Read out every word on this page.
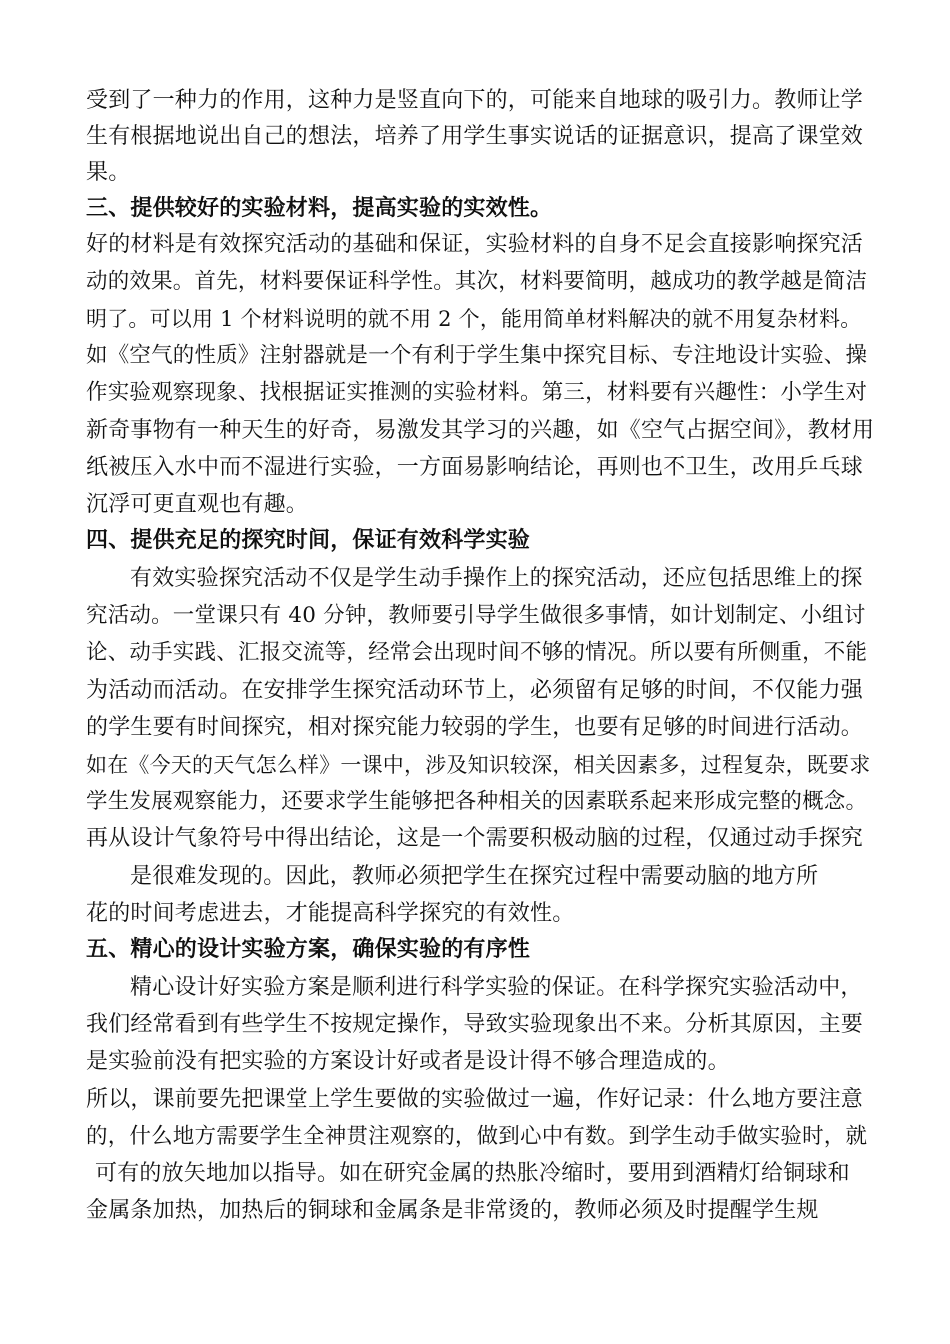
受到了一种力的作用，这种力是竖直向下的，可能来自地球的吸引力。教师让学
生有根据地说出自己的想法，培养了用学生事实说话的证据意识，提高了课堂效
果。
三、提供较好的实验材料，提高实验的实效性。
好的材料是有效探究活动的基础和保证，实验材料的自身不足会直接影响探究活
动的效果。首先，材料要保证科学性。其次，材料要简明，越成功的教学越是简洁
明了。可以用 1 个材料说明的就不用 2 个，能用简单材料解决的就不用复杂材料。
如《空气的性质》注射器就是一个有利于学生集中探究目标、专注地设计实验、操
作实验观察现象、找根据证实推测的实验材料。第三，材料要有兴趣性：小学生对
新奇事物有一种天生的好奇，易激发其学习的兴趣，如《空气占据空间》，教材用
纸被压入水中而不湿进行实验，一方面易影响结论，再则也不卫生，改用乒乓球
沉浮可更直观也有趣。
四、提供充足的探究时间，保证有效科学实验
有效实验探究活动不仅是学生动手操作上的探究活动，还应包括思维上的探
究活动。一堂课只有 40 分钟，教师要引导学生做很多事情，如计划制定、小组讨
论、动手实践、汇报交流等，经常会出现时间不够的情况。所以要有所侧重，不能
为活动而活动。在安排学生探究活动环节上，必须留有足够的时间，不仅能力强
的学生要有时间探究，相对探究能力较弱的学生，也要有足够的时间进行活动。
如在《今天的天气怎么样》一课中，涉及知识较深，相关因素多，过程复杂，既要求
学生发展观察能力，还要求学生能够把各种相关的因素联系起来形成完整的概念。
再从设计气象符号中得出结论，这是一个需要积极动脑的过程，仅通过动手探究
是很难发现的。因此，教师必须把学生在探究过程中需要动脑的地方所
花的时间考虑进去，才能提高科学探究的有效性。
五、精心的设计实验方案，确保实验的有序性
精心设计好实验方案是顺利进行科学实验的保证。在科学探究实验活动中，
我们经常看到有些学生不按规定操作，导致实验现象出不来。分析其原因，主要
是实验前没有把实验的方案设计好或者是设计得不够合理造成的。
所以，课前要先把课堂上学生要做的实验做过一遍，作好记录：什么地方要注意
的，什么地方需要学生全神贯注观察的，做到心中有数。到学生动手做实验时，就
可有的放矢地加以指导。如在研究金属的热胀冷缩时，要用到酒精灯给铜球和
金属条加热，加热后的铜球和金属条是非常烫的，教师必须及时提醒学生规
